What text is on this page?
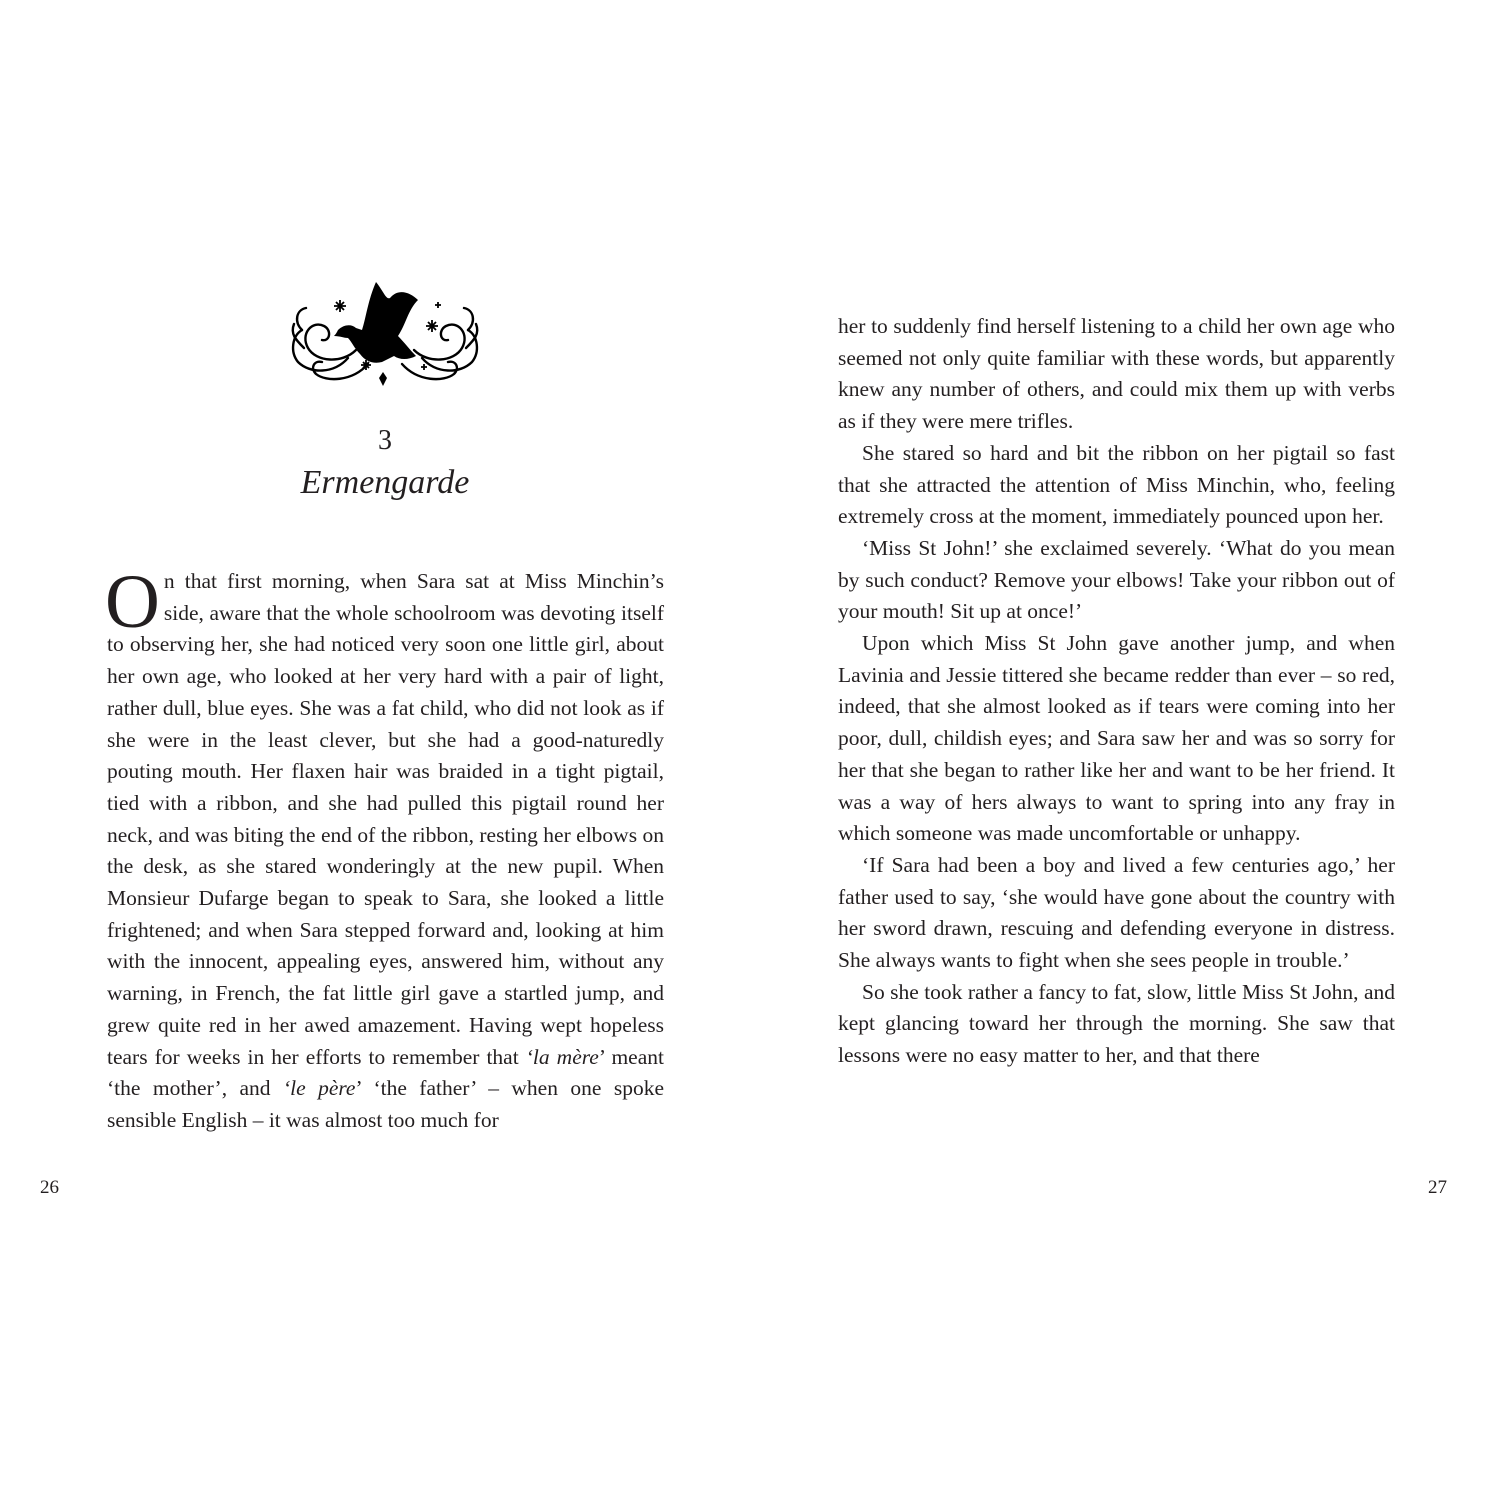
3
Ermengarde

On that first morning, when Sara sat at Miss Minchin’s side, aware that the whole schoolroom was devoting itself to observing her, she had noticed very soon one little girl, about her own age, who looked at her very hard with a pair of light, rather dull, blue eyes. She was a fat child, who did not look as if she were in the least clever, but she had a good-naturedly pouting mouth. Her flaxen hair was braided in a tight pigtail, tied with a ribbon, and she had pulled this pigtail round her neck, and was biting the end of the ribbon, resting her elbows on the desk, as she stared wonderingly at the new pupil. When Monsieur Dufarge began to speak to Sara, she looked a little frightened; and when Sara stepped forward and, looking at him with the innocent, appealing eyes, answered him, without any warning, in French, the fat little girl gave a startled jump, and grew quite red in her awed amazement. Having wept hopeless tears for weeks in her efforts to remember that ‘la mère’ meant ‘the mother’, and ‘le père’ ‘the father’ – when one spoke sensible English – it was almost too much for

26

her to suddenly find herself listening to a child her own age who seemed not only quite familiar with these words, but apparently knew any number of others, and could mix them up with verbs as if they were mere trifles.

She stared so hard and bit the ribbon on her pigtail so fast that she attracted the attention of Miss Minchin, who, feeling extremely cross at the moment, immediately pounced upon her.

‘Miss St John!’ she exclaimed severely. ‘What do you mean by such conduct? Remove your elbows! Take your ribbon out of your mouth! Sit up at once!’

Upon which Miss St John gave another jump, and when Lavinia and Jessie tittered she became redder than ever – so red, indeed, that she almost looked as if tears were coming into her poor, dull, childish eyes; and Sara saw her and was so sorry for her that she began to rather like her and want to be her friend. It was a way of hers always to want to spring into any fray in which someone was made uncomfortable or unhappy.

‘If Sara had been a boy and lived a few centuries ago,’ her father used to say, ‘she would have gone about the country with her sword drawn, rescuing and defending everyone in distress. She always wants to fight when she sees people in trouble.’

So she took rather a fancy to fat, slow, little Miss St John, and kept glancing toward her through the morning. She saw that lessons were no easy matter to her, and that there

27
